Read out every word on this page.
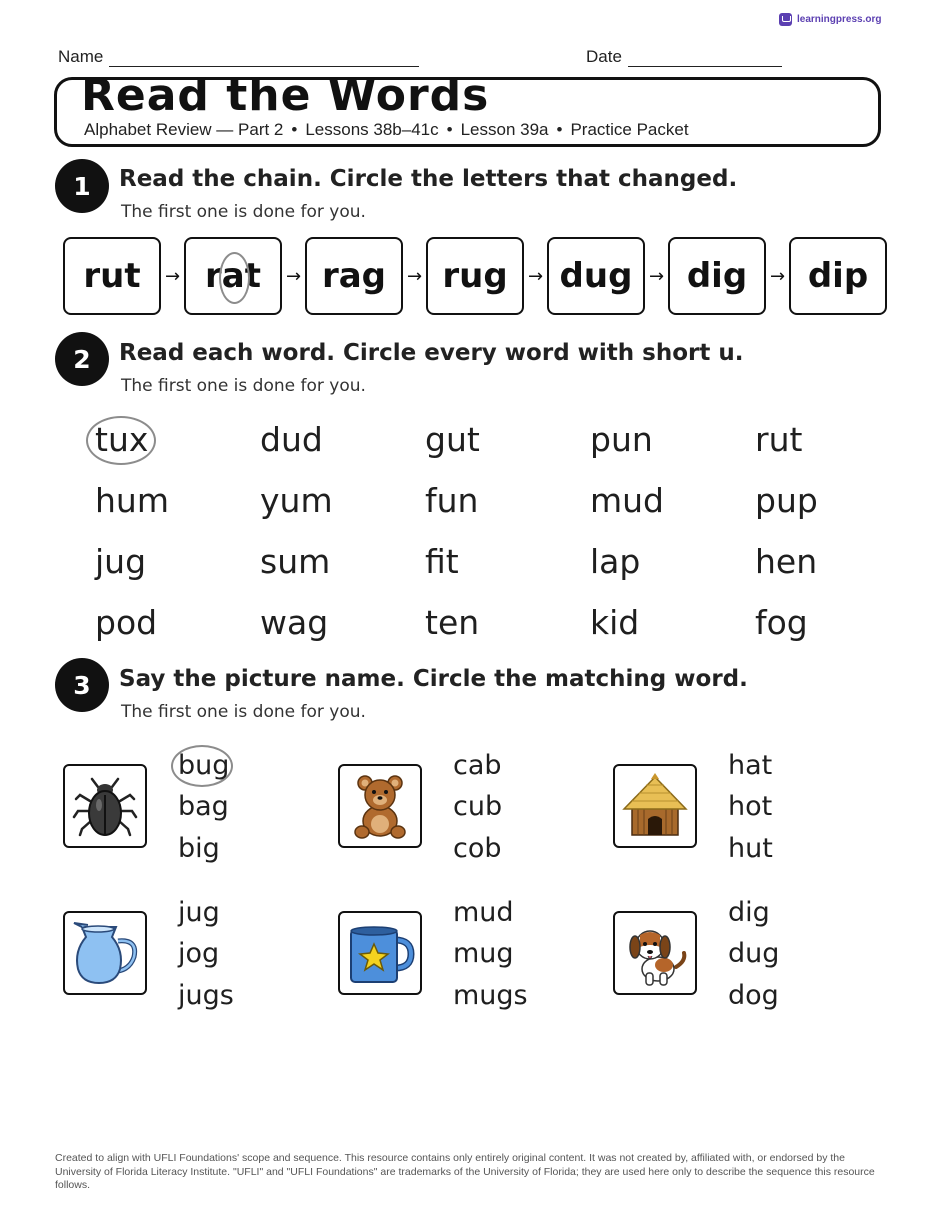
learningpress.org
Name	Date
Read the Words
Alphabet Review — Part 2 • Lessons 38b–41c • Lesson 39a • Practice Packet
1	Read the chain. Circle the letters that changed.
The first one is done for you.
rut → rat → rag → rug → dug → dig → dip
2	Read each word. Circle every word with short u.
The first one is done for you.
tux	dud	gut	pun	rut
hum	yum	fun	mud	pup
jug	sum	fit	lap	hen
pod	wag	ten	kid	fog
3	Say the picture name. Circle the matching word.
The first one is done for you.
bug
bag
big
cab
cub
cob
hat
hot
hut
jug
jog
jugs
mud
mug
mugs
dig
dug
dog
Created to align with UFLI Foundations' scope and sequence. This resource contains only entirely original content. It was not created by, affiliated with, or endorsed by the University of Florida Literacy Institute. "UFLI" and "UFLI Foundations" are trademarks of the University of Florida; they are used here only to describe the sequence this resource follows.
